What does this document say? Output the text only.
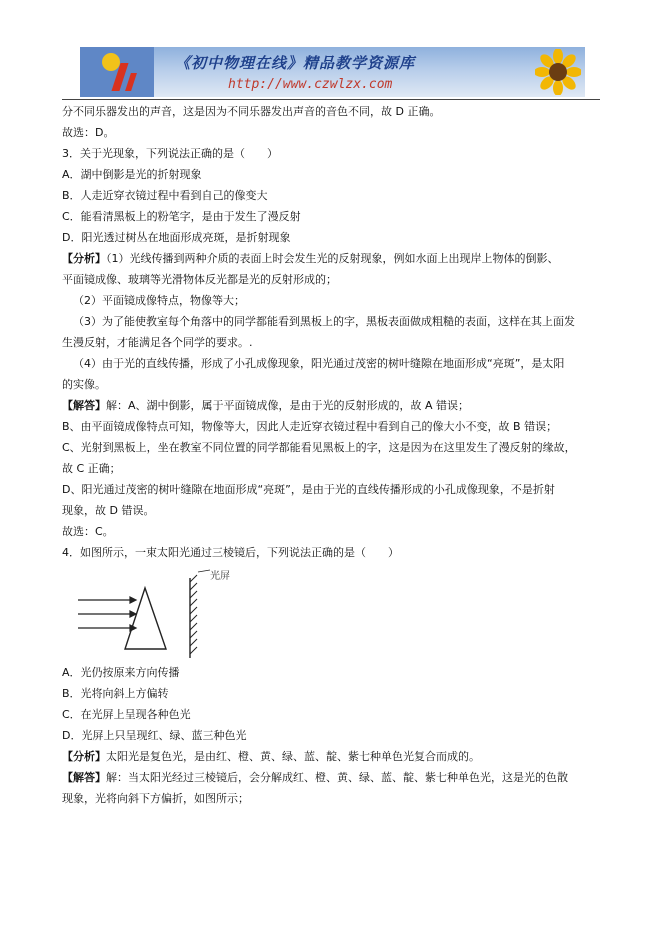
《初中物理在线》精品教学资源库
http://www.czwlzx.com
分不同乐器发出的声音，这是因为不同乐器发出声音的音色不同，故 D 正确。
故选：D。
3．关于光现象，下列说法正确的是（　　）
A．湖中倒影是光的折射现象
B．人走近穿衣镜过程中看到自己的像变大
C．能看清黑板上的粉笔字，是由于发生了漫反射
D．阳光透过树丛在地面形成亮斑，是折射现象
【分析】（1）光线传播到两种介质的表面上时会发生光的反射现象，例如水面上出现岸上物体的倒影、
平面镜成像、玻璃等光滑物体反光都是光的反射形成的；
（2）平面镜成像特点，物像等大；
（3）为了能使教室每个角落中的同学都能看到黑板上的字，黑板表面做成粗糙的表面，这样在其上面发
生漫反射，才能满足各个同学的要求。.
（4）由于光的直线传播，形成了小孔成像现象，阳光通过茂密的树叶缝隙在地面形成“亮斑”，是太阳
的实像。
【解答】解：A、湖中倒影，属于平面镜成像，是由于光的反射形成的，故 A 错误；
B、由平面镜成像特点可知，物像等大，因此人走近穿衣镜过程中看到自己的像大小不变，故 B 错误；
C、光射到黑板上，坐在教室不同位置的同学都能看见黑板上的字，这是因为在这里发生了漫反射的缘故，
故 C 正确；
D、阳光通过茂密的树叶缝隙在地面形成“亮斑”，是由于光的直线传播形成的小孔成像现象，不是折射
现象，故 D 错误。
故选：C。
4．如图所示，一束太阳光通过三棱镜后，下列说法正确的是（　　）
光屏
A．光仍按原来方向传播
B．光将向斜上方偏转
C．在光屏上呈现各种色光
D．光屏上只呈现红、绿、蓝三种色光
【分析】太阳光是复色光，是由红、橙、黄、绿、蓝、靛、紫七种单色光复合而成的。
【解答】解：当太阳光经过三棱镜后，会分解成红、橙、黄、绿、蓝、靛、紫七种单色光，这是光的色散
现象，光将向斜下方偏折，如图所示；
